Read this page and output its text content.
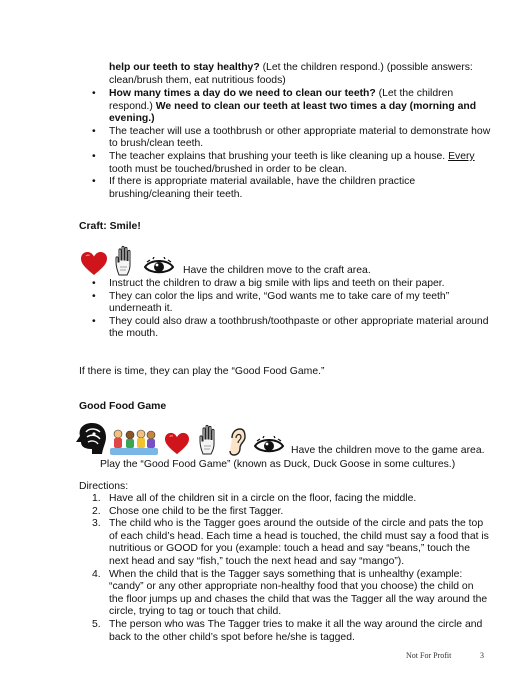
help our teeth to stay healthy? (Let the children respond.) (possible answers:
clean/brush them, eat nutritious foods)
• How many times a day do we need to clean our teeth? (Let the children respond.) We need to clean our teeth at least two times a day (morning and evening.)
• The teacher will use a toothbrush or other appropriate material to demonstrate how to brush/clean teeth.
• The teacher explains that brushing your teeth is like cleaning up a house. Every tooth must be touched/brushed in order to be clean.
• If there is appropriate material available, have the children practice brushing/cleaning their teeth.
Craft: Smile!
Have the children move to the craft area.
• Instruct the children to draw a big smile with lips and teeth on their paper.
• They can color the lips and write, “God wants me to take care of my teeth” underneath it.
• They could also draw a toothbrush/toothpaste or other appropriate material around the mouth.
If there is time, they can play the “Good Food Game.”
Good Food Game
Have the children move to the game area.
Play the “Good Food Game” (known as Duck, Duck Goose in some cultures.)
Directions:
1. Have all of the children sit in a circle on the floor, facing the middle.
2. Chose one child to be the first Tagger.
3. The child who is the Tagger goes around the outside of the circle and pats the top of each child’s head. Each time a head is touched, the child must say a food that is nutritious or GOOD for you (example: touch a head and say “beans,” touch the next head and say “fish,” touch the next head and say “mango”).
4. When the child that is the Tagger says something that is unhealthy (example: “candy” or any other appropriate non-healthy food that you choose) the child on the floor jumps up and chases the child that was the Tagger all the way around the circle, trying to tag or touch that child.
5. The person who was The Tagger tries to make it all the way around the circle and back to the other child’s spot before he/she is tagged.
Not For Profit	3
